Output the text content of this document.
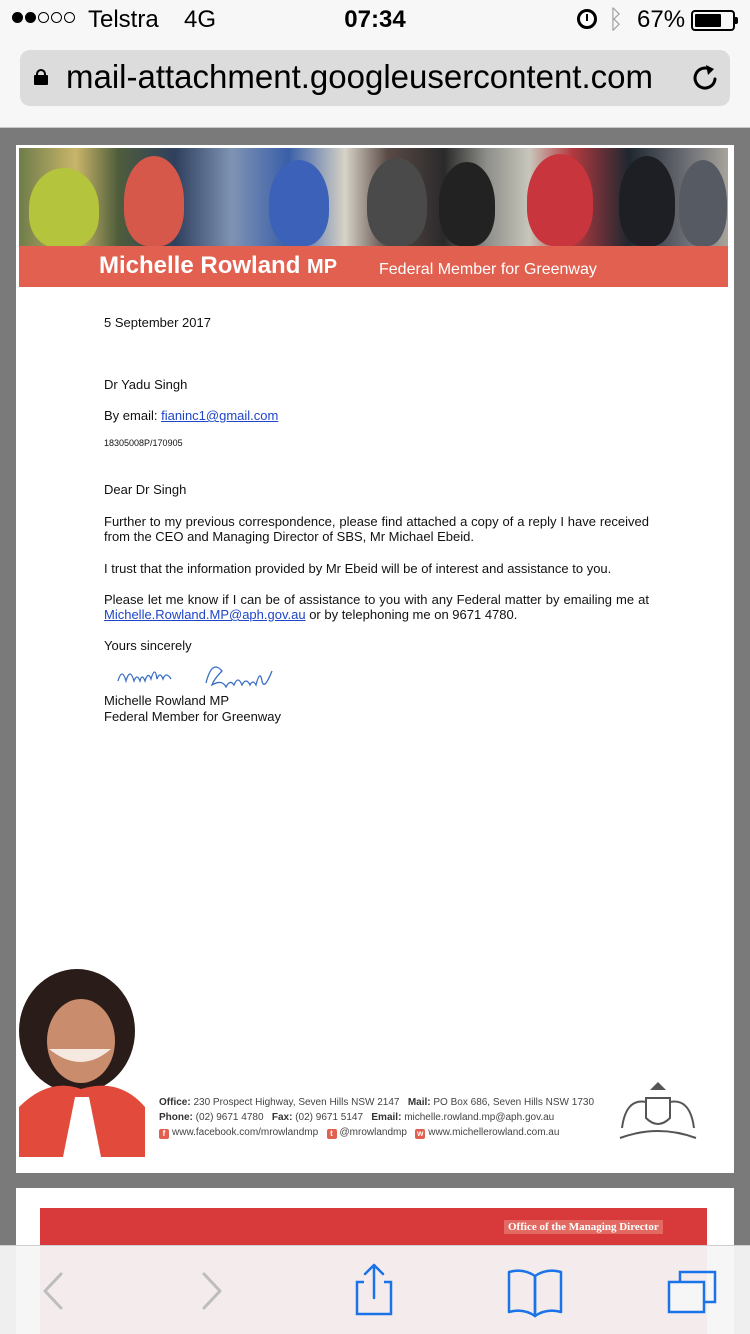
Telstra 4G	07:34	ᛒ 67%
mail-attachment.googleusercontent.com
Michelle Rowland MP	Federal Member for Greenway
5 September 2017
Dr Yadu Singh
By email: fianinc1@gmail.com
18305008P/170905
Dear Dr Singh
Further to my previous correspondence, please find attached a copy of a reply I have received from the CEO and Managing Director of SBS, Mr Michael Ebeid.
I trust that the information provided by Mr Ebeid will be of interest and assistance to you.
Please let me know if I can be of assistance to you with any Federal matter by emailing me at Michelle.Rowland.MP@aph.gov.au or by telephoning me on 9671 4780.
Yours sincerely
Michelle Rowland MP
Federal Member for Greenway
Office: 230 Prospect Highway, Seven Hills NSW 2147 Mail: PO Box 686, Seven Hills NSW 1730
Phone: (02) 9671 4780 Fax: (02) 9671 5147 Email: michelle.rowland.mp@aph.gov.au
f www.facebook.com/mrowlandmp t @mrowlandmp w www.michellerowland.com.au
Office of the Managing Director
